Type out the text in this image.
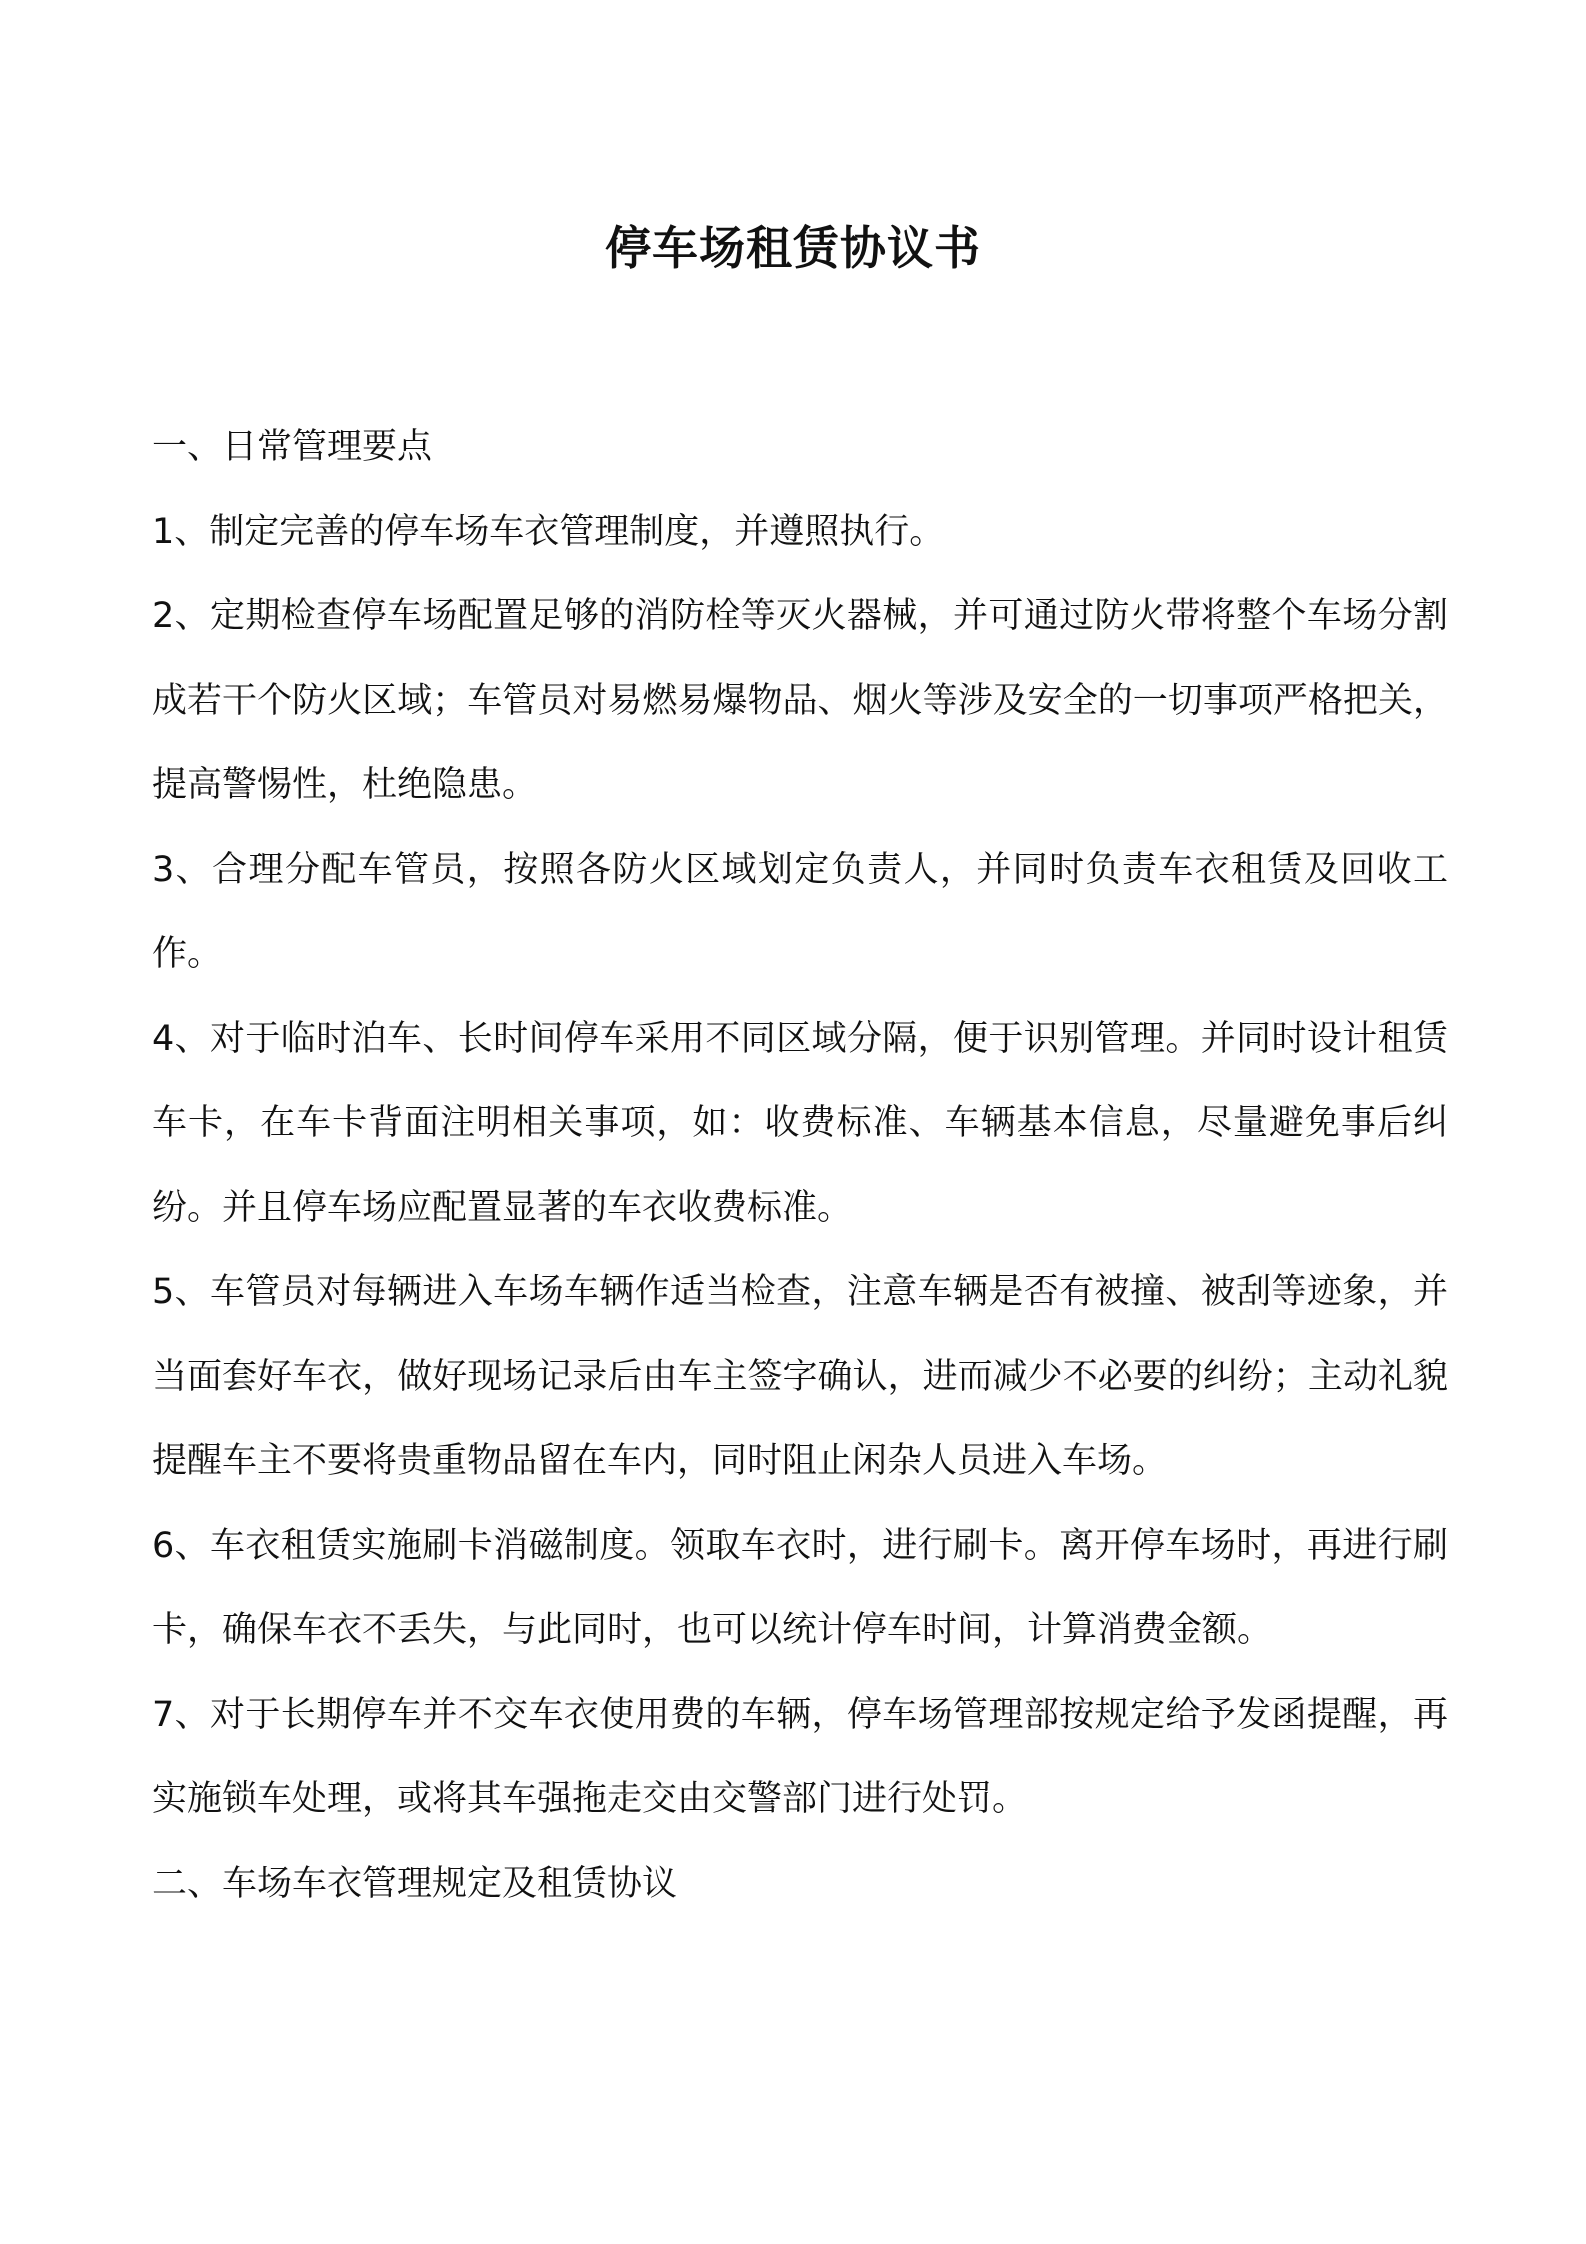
停车场租赁协议书

一、日常管理要点

1、制定完善的停车场车衣管理制度，并遵照执行。

2、定期检查停车场配置足够的消防栓等灭火器械，并可通过防火带将整个车场分割成若干个防火区域；车管员对易燃易爆物品、烟火等涉及安全的一切事项严格把关，提高警惕性，杜绝隐患。

3、合理分配车管员，按照各防火区域划定负责人，并同时负责车衣租赁及回收工作。

4、对于临时泊车、长时间停车采用不同区域分隔，便于识别管理。并同时设计租赁车卡，在车卡背面注明相关事项，如：收费标准、车辆基本信息，尽量避免事后纠纷。并且停车场应配置显著的车衣收费标准。

5、车管员对每辆进入车场车辆作适当检查，注意车辆是否有被撞、被刮等迹象，并当面套好车衣，做好现场记录后由车主签字确认，进而减少不必要的纠纷；主动礼貌提醒车主不要将贵重物品留在车内，同时阻止闲杂人员进入车场。

6、车衣租赁实施刷卡消磁制度。领取车衣时，进行刷卡。离开停车场时，再进行刷卡，确保车衣不丢失，与此同时，也可以统计停车时间，计算消费金额。

7、对于长期停车并不交车衣使用费的车辆，停车场管理部按规定给予发函提醒，再实施锁车处理，或将其车强拖走交由交警部门进行处罚。

二、车场车衣管理规定及租赁协议
